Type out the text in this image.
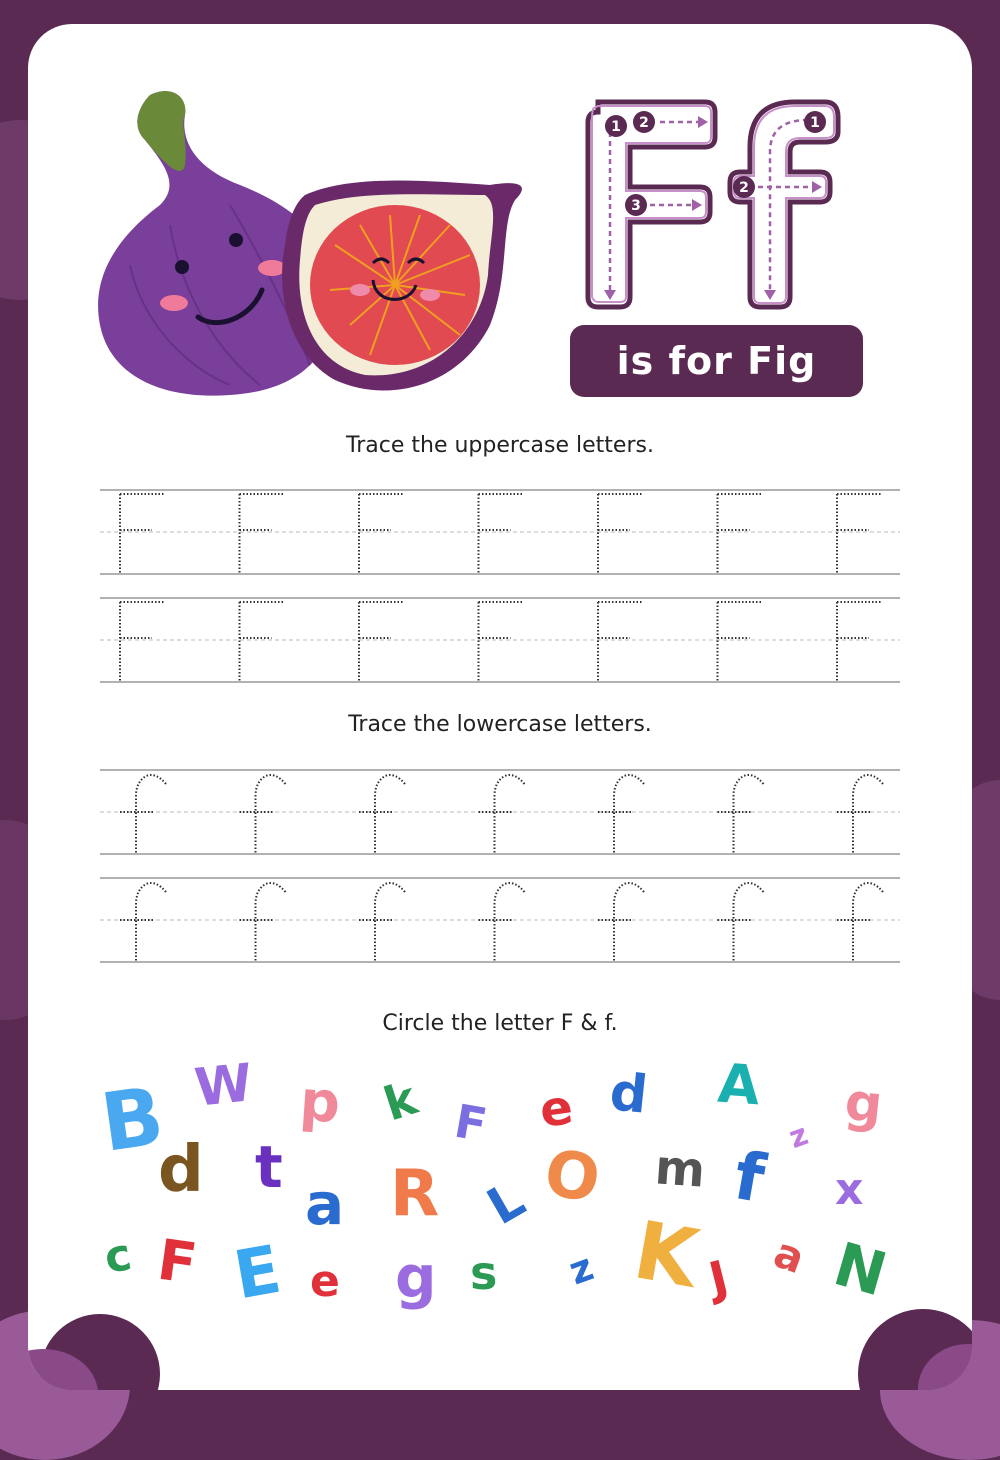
1 2
3
1
2
is for Fig
Trace the uppercase letters.
Trace the lowercase letters.
Circle the letter F & f.
B W p k F e d A
z
g
d t
a R L O m f x
c F E e g s z K J a N
